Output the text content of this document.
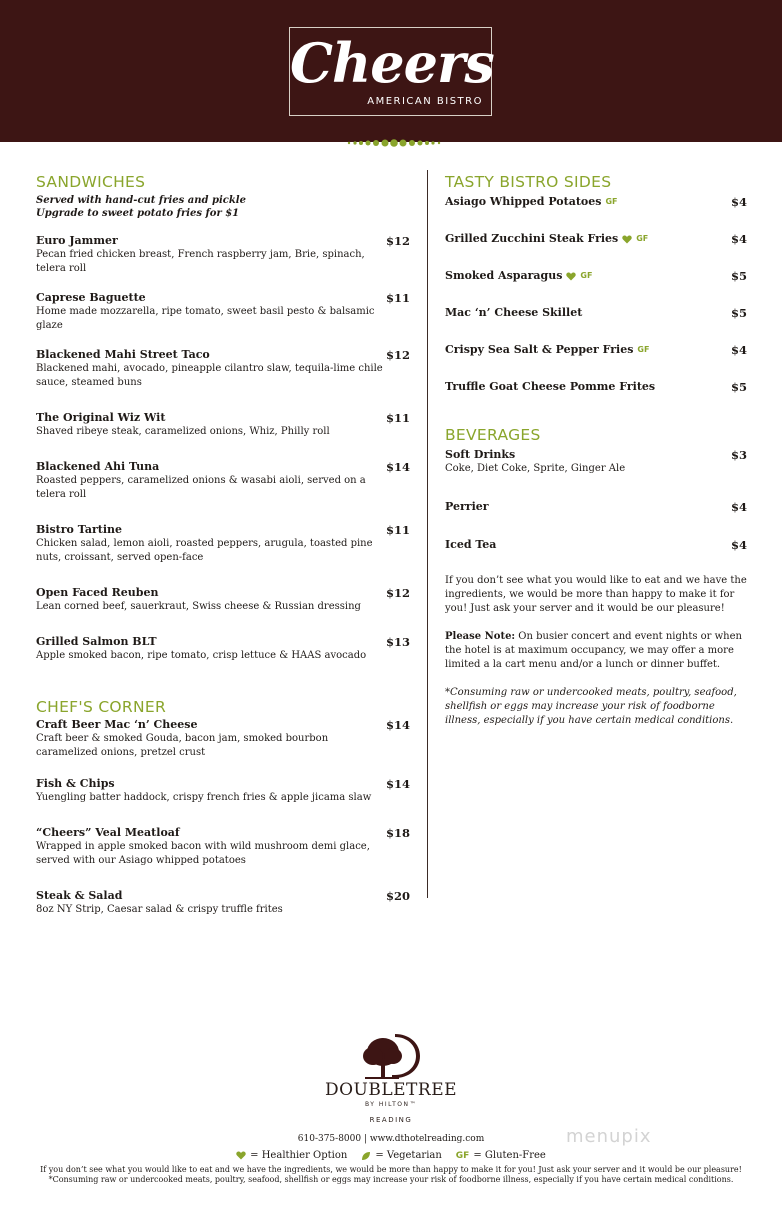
Cheers
AMERICAN BISTRO
SANDWICHES
Served with hand-cut fries and pickle
Upgrade to sweet potato fries for $1
Euro Jammer
Pecan fried chicken breast, French raspberry jam, Brie, spinach, telera roll
$12
Caprese Baguette
Home made mozzarella, ripe tomato, sweet basil pesto & balsamic glaze
$11
Blackened Mahi Street Taco
Blackened mahi, avocado, pineapple cilantro slaw, tequila-lime chile sauce, steamed buns
$12
The Original Wiz Wit
Shaved ribeye steak, caramelized onions, Whiz, Philly roll
$11
Blackened Ahi Tuna
Roasted peppers, caramelized onions & wasabi aioli, served on a telera roll
$14
Bistro Tartine
Chicken salad, lemon aioli, roasted peppers, arugula, toasted pine nuts, croissant, served open-face
$11
Open Faced Reuben
Lean corned beef, sauerkraut, Swiss cheese & Russian dressing
$12
Grilled Salmon BLT
Apple smoked bacon, ripe tomato, crisp lettuce & HAAS avocado
$13
CHEF'S CORNER
Craft Beer Mac ‘n’ Cheese
Craft beer & smoked Gouda, bacon jam, smoked bourbon caramelized onions, pretzel crust
$14
Fish & Chips
Yuengling batter haddock, crispy french fries & apple jicama slaw
$14
“Cheers” Veal Meatloaf
Wrapped in apple smoked bacon with wild mushroom demi glace, served with our Asiago whipped potatoes
$18
Steak & Salad
8oz NY Strip, Caesar salad & crispy truffle frites
$20
TASTY BISTRO SIDES
Asiago Whipped Potatoes GF	$4
Grilled Zucchini Steak Fries GF	$4
Smoked Asparagus GF	$5
Mac ‘n’ Cheese Skillet	$5
Crispy Sea Salt & Pepper Fries GF	$4
Truffle Goat Cheese Pomme Frites	$5
BEVERAGES
Soft Drinks
Coke, Diet Coke, Sprite, Ginger Ale
$3
Perrier	$4
Iced Tea	$4
If you don’t see what you would like to eat and we have the ingredients, we would be more than happy to make it for you! Just ask your server and it would be our pleasure!
Please Note: On busier concert and event nights or when the hotel is at maximum occupancy, we may offer a more limited a la cart menu and/or a lunch or dinner buffet.
*Consuming raw or undercooked meats, poultry, seafood, shellfish or eggs may increase your risk of foodborne illness, especially if you have certain medical conditions.
DOUBLETREE
BY HILTON™
READING
610-375-8000 | www.dthotelreading.com
= Healthier Option	= Vegetarian GF = Gluten-Free
If you don’t see what you would like to eat and we have the ingredients, we would be more than happy to make it for you! Just ask your server and it would be our pleasure!
*Consuming raw or undercooked meats, poultry, seafood, shellfish or eggs may increase your risk of foodborne illness, especially if you have certain medical conditions.
menupix
